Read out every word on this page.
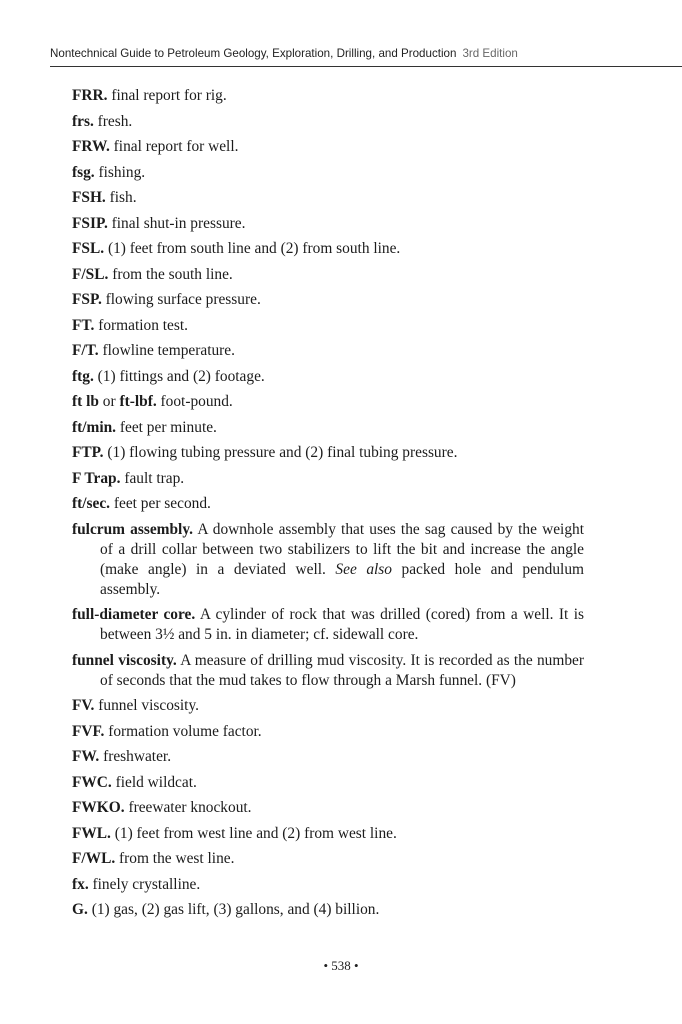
Nontechnical Guide to Petroleum Geology, Exploration, Drilling, and Production 3rd Edition
FRR. final report for rig.
frs. fresh.
FRW. final report for well.
fsg. fishing.
FSH. fish.
FSIP. final shut-in pressure.
FSL. (1) feet from south line and (2) from south line.
F/SL. from the south line.
FSP. flowing surface pressure.
FT. formation test.
F/T. flowline temperature.
ftg. (1) fittings and (2) footage.
ft lb or ft-lbf. foot-pound.
ft/min. feet per minute.
FTP. (1) flowing tubing pressure and (2) final tubing pressure.
F Trap. fault trap.
ft/sec. feet per second.
fulcrum assembly. A downhole assembly that uses the sag caused by the weight of a drill collar between two stabilizers to lift the bit and increase the angle (make angle) in a deviated well. See also packed hole and pendulum assembly.
full-diameter core. A cylinder of rock that was drilled (cored) from a well. It is between 3½ and 5 in. in diameter; cf. sidewall core.
funnel viscosity. A measure of drilling mud viscosity. It is recorded as the number of seconds that the mud takes to flow through a Marsh funnel. (FV)
FV. funnel viscosity.
FVF. formation volume factor.
FW. freshwater.
FWC. field wildcat.
FWKO. freewater knockout.
FWL. (1) feet from west line and (2) from west line.
F/WL. from the west line.
fx. finely crystalline.
G. (1) gas, (2) gas lift, (3) gallons, and (4) billion.
• 538 •
